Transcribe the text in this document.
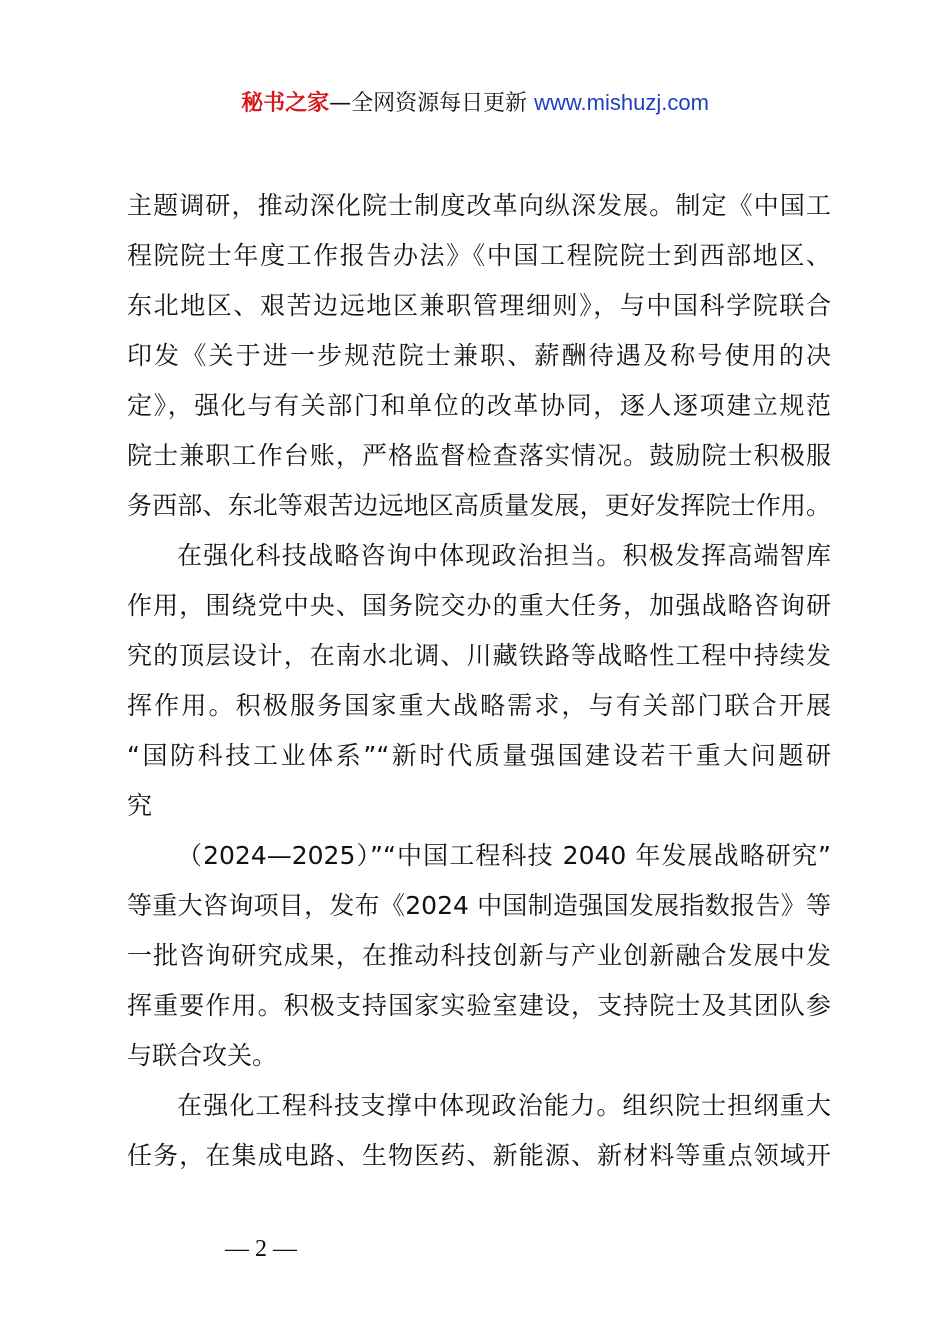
秘书之家—全网资源每日更新 www.mishuzj.com
主题调研，推动深化院士制度改革向纵深发展。制定《中国工
程院院士年度工作报告办法》《中国工程院院士到西部地区、
东北地区、艰苦边远地区兼职管理细则》，与中国科学院联合
印发《关于进一步规范院士兼职、薪酬待遇及称号使用的决
定》，强化与有关部门和单位的改革协同，逐人逐项建立规范
院士兼职工作台账，严格监督检查落实情况。鼓励院士积极服
务西部、东北等艰苦边远地区高质量发展，更好发挥院士作用。
在强化科技战略咨询中体现政治担当。积极发挥高端智库
作用，围绕党中央、国务院交办的重大任务，加强战略咨询研
究的顶层设计，在南水北调、川藏铁路等战略性工程中持续发
挥作用。积极服务国家重大战略需求，与有关部门联合开展
“国防科技工业体系”“新时代质量强国建设若干重大问题研
究
（2024—2025）”“中国工程科技 2040 年发展战略研究”
等重大咨询项目，发布《2024 中国制造强国发展指数报告》等
一批咨询研究成果，在推动科技创新与产业创新融合发展中发
挥重要作用。积极支持国家实验室建设，支持院士及其团队参
与联合攻关。
在强化工程科技支撑中体现政治能力。组织院士担纲重大
任务，在集成电路、生物医药、新能源、新材料等重点领域开
— 2 —
